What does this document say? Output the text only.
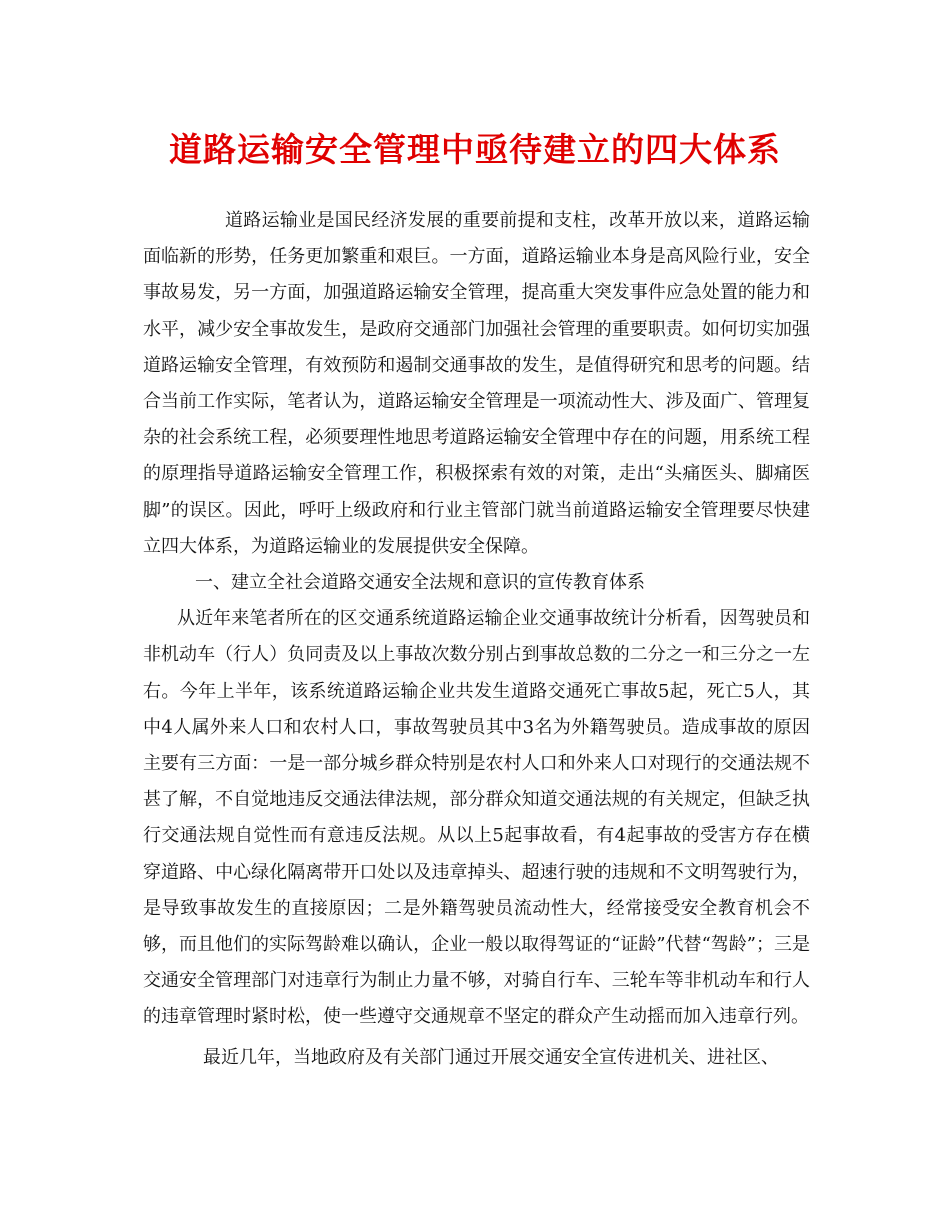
道路运输安全管理中亟待建立的四大体系

道路运输业是国民经济发展的重要前提和支柱，改革开放以来，道路运输面临新的形势，任务更加繁重和艰巨。一方面，道路运输业本身是高风险行业，安全事故易发，另一方面，加强道路运输安全管理，提高重大突发事件应急处置的能力和水平，减少安全事故发生，是政府交通部门加强社会管理的重要职责。如何切实加强道路运输安全管理，有效预防和遏制交通事故的发生，是值得研究和思考的问题。结合当前工作实际，笔者认为，道路运输安全管理是一项流动性大、涉及面广、管理复杂的社会系统工程，必须要理性地思考道路运输安全管理中存在的问题，用系统工程的原理指导道路运输安全管理工作，积极探索有效的对策，走出“头痛医头、脚痛医脚”的误区。因此，呼吁上级政府和行业主管部门就当前道路运输安全管理要尽快建立四大体系，为道路运输业的发展提供安全保障。

一、建立全社会道路交通安全法规和意识的宣传教育体系

从近年来笔者所在的区交通系统道路运输企业交通事故统计分析看，因驾驶员和非机动车（行人）负同责及以上事故次数分别占到事故总数的二分之一和三分之一左右。今年上半年，该系统道路运输企业共发生道路交通死亡事故5起，死亡5人，其中4人属外来人口和农村人口，事故驾驶员其中3名为外籍驾驶员。造成事故的原因主要有三方面：一是一部分城乡群众特别是农村人口和外来人口对现行的交通法规不甚了解，不自觉地违反交通法律法规，部分群众知道交通法规的有关规定，但缺乏执行交通法规自觉性而有意违反法规。从以上5起事故看，有4起事故的受害方存在横穿道路、中心绿化隔离带开口处以及违章掉头、超速行驶的违规和不文明驾驶行为，是导致事故发生的直接原因；二是外籍驾驶员流动性大，经常接受安全教育机会不够，而且他们的实际驾龄难以确认，企业一般以取得驾证的“证龄”代替“驾龄”；三是交通安全管理部门对违章行为制止力量不够，对骑自行车、三轮车等非机动车和行人的违章管理时紧时松，使一些遵守交通规章不坚定的群众产生动摇而加入违章行列。

最近几年，当地政府及有关部门通过开展交通安全宣传进机关、进社区、
